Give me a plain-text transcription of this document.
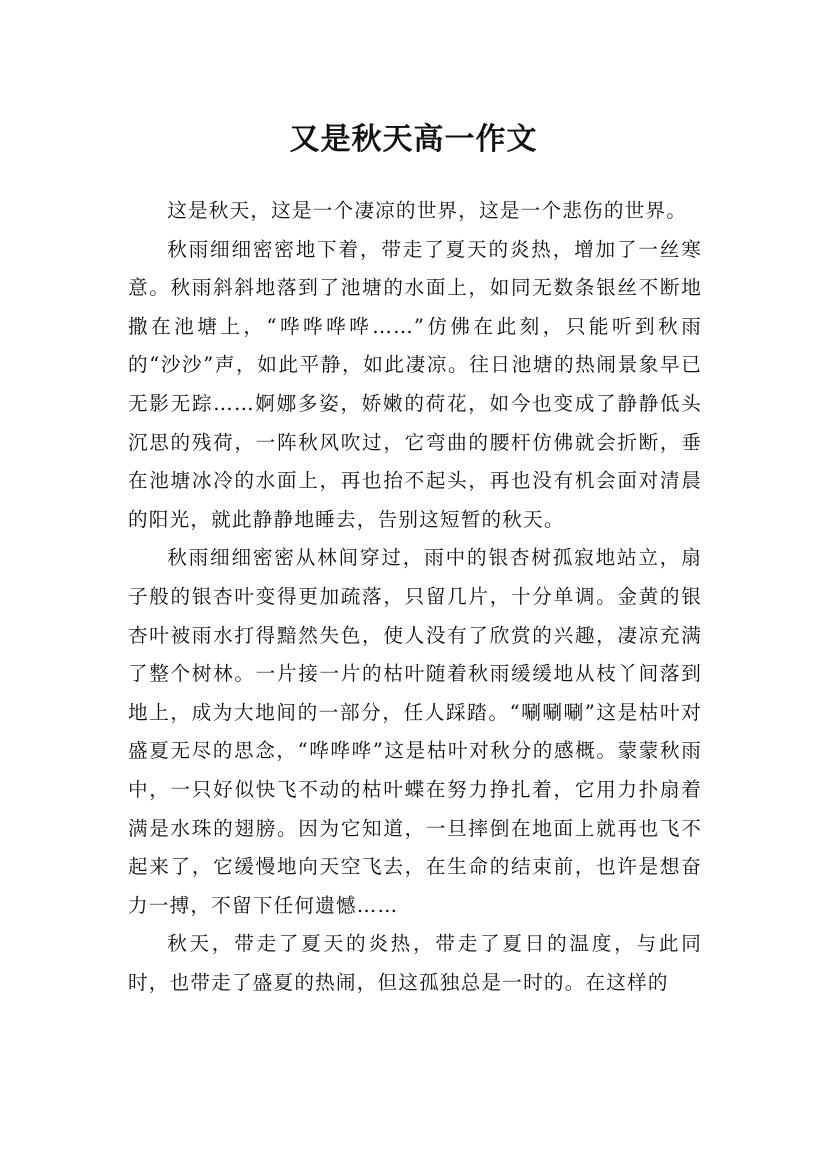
又是秋天高一作文

这是秋天，这是一个凄凉的世界，这是一个悲伤的世界。

秋雨细细密密地下着，带走了夏天的炎热，增加了一丝寒意。秋雨斜斜地落到了池塘的水面上，如同无数条银丝不断地撒在池塘上，“哗哗哗哗……”仿佛在此刻，只能听到秋雨的“沙沙”声，如此平静，如此凄凉。往日池塘的热闹景象早已无影无踪……婀娜多姿，娇嫩的荷花，如今也变成了静静低头沉思的残荷，一阵秋风吹过，它弯曲的腰杆仿佛就会折断，垂在池塘冰冷的水面上，再也抬不起头，再也没有机会面对清晨的阳光，就此静静地睡去，告别这短暂的秋天。

秋雨细细密密从林间穿过，雨中的银杏树孤寂地站立，扇子般的银杏叶变得更加疏落，只留几片，十分单调。金黄的银杏叶被雨水打得黯然失色，使人没有了欣赏的兴趣，凄凉充满了整个树林。一片接一片的枯叶随着秋雨缓缓地从枝丫间落到地上，成为大地间的一部分，任人踩踏。“唰唰唰”这是枯叶对盛夏无尽的思念，“哗哗哗”这是枯叶对秋分的感概。蒙蒙秋雨中，一只好似快飞不动的枯叶蝶在努力挣扎着，它用力扑扇着满是水珠的翅膀。因为它知道，一旦摔倒在地面上就再也飞不起来了，它缓慢地向天空飞去，在生命的结束前，也许是想奋力一搏，不留下任何遗憾……

秋天，带走了夏天的炎热，带走了夏日的温度，与此同时，也带走了盛夏的热闹，但这孤独总是一时的。在这样的
